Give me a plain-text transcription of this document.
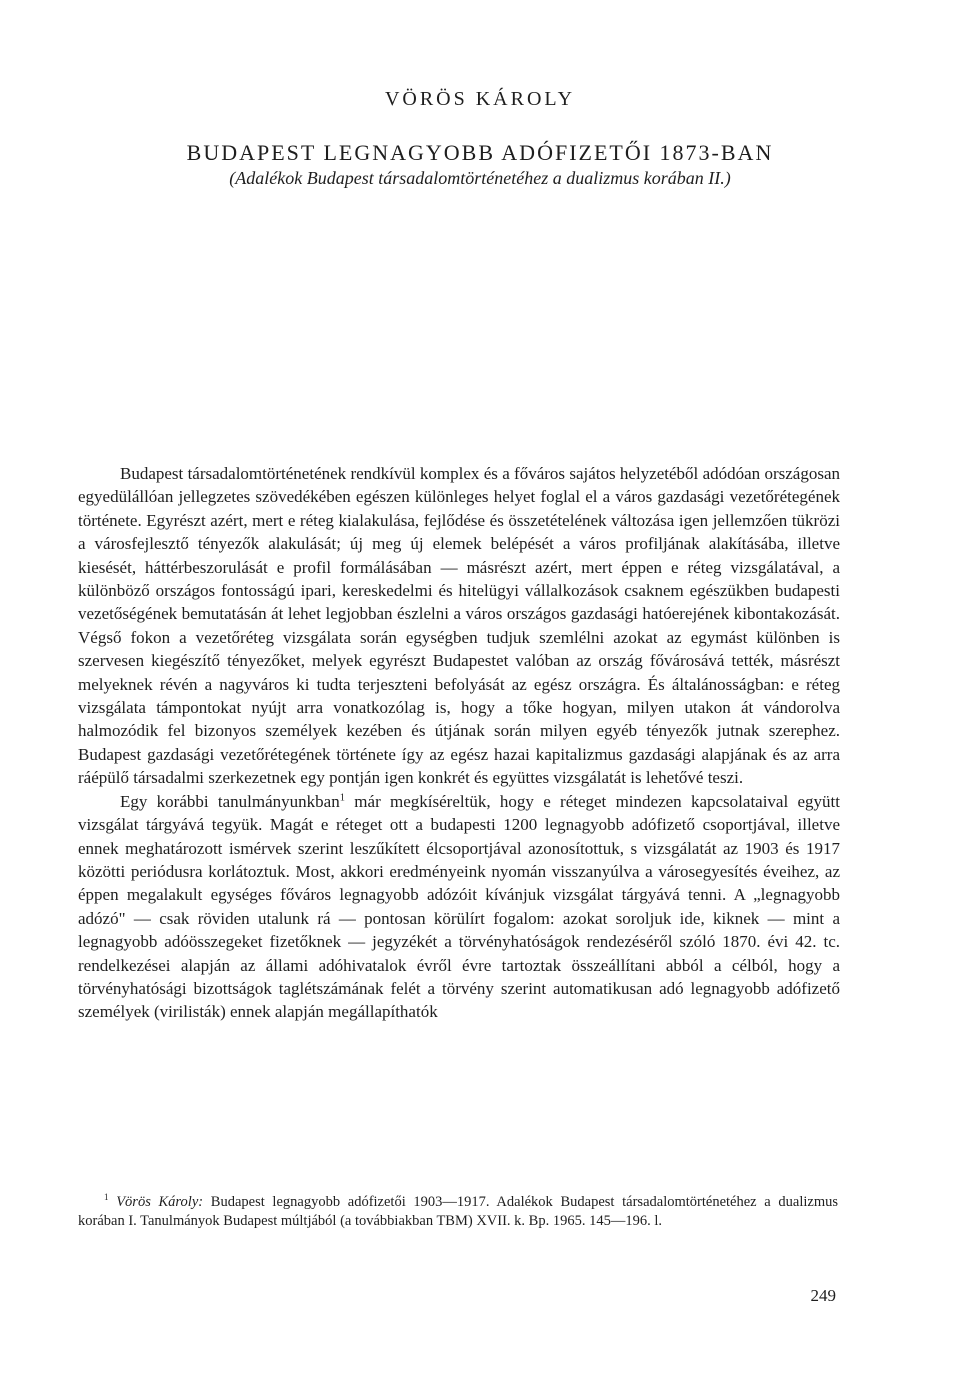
VÖRÖS KÁROLY
BUDAPEST LEGNAGYOBB ADÓFIZETŐI 1873-BAN
(Adalékok Budapest társadalomtörténetéhez a dualizmus korában II.)

Budapest társadalomtörténetének rendkívül komplex és a főváros sajátos helyzetéből adódóan országosan egyedülállóan jellegzetes szövedékében egészen különleges helyet foglal el a város gazdasági vezetőrétegének története. Egyrészt azért, mert e réteg kialakulása, fejlődése és összetételének változása igen jellemzően tükrözi a városfejlesztő tényezők alakulását; új meg új elemek belépését a város profiljának alakításába, illetve kiesését, háttérbeszorulását e profil formálásában — másrészt azért, mert éppen e réteg vizsgálatával, a különböző országos fontosságú ipari, kereskedelmi és hitelügyi vállalkozások csaknem egészükben budapesti vezetőségének bemutatásán át lehet legjobban észlelni a város országos gazdasági hatóerejének kibontakozását. Végső fokon a vezetőréteg vizsgálata során egységben tudjuk szemlélni azokat az egymást különben is szervesen kiegészítő tényezőket, melyek egyrészt Budapestet valóban az ország fővárosává tették, másrészt melyeknek révén a nagyváros ki tudta terjeszteni befolyását az egész országra. És általánosságban: e réteg vizsgálata támpontokat nyújt arra vonatkozólag is, hogy a tőke hogyan, milyen utakon át vándorolva halmozódik fel bizonyos személyek kezében és útjának során milyen egyéb tényezők jutnak szerephez. Budapest gazdasági vezetőrétegének története így az egész hazai kapitalizmus gazdasági alapjának és az arra ráépülő társadalmi szerkezetnek egy pontján igen konkrét és együttes vizsgálatát is lehetővé teszi.

Egy korábbi tanulmányunkban$^1$ már megkíséreltük, hogy e réteget mindezen kapcsolataival együtt vizsgálat tárgyává tegyük. Magát e réteget ott a budapesti 1200 legnagyobb adófizető csoportjával, illetve ennek meghatározott ismérvek szerint leszűkített élcsoportjával azonosítottuk, s vizsgálatát az 1903 és 1917 közötti periódusra korlátoztuk. Most, akkori eredményeink nyomán visszanyúlva a városegyesítés éveihez, az éppen megalakult egységes főváros legnagyobb adózóit kívánjuk vizsgálat tárgyává tenni. A „legnagyobb adózó" — csak röviden utalunk rá — pontosan körülírt fogalom: azokat soroljuk ide, kiknek — mint a legnagyobb adóösszegeket fizetőknek — jegyzékét a törvényhatóságok rendezéséről szóló 1870. évi 42. tc. rendelkezései alapján az állami adóhivatalok évről évre tartoztak összeállítani abból a célból, hogy a törvényhatósági bizottságok taglétszámának felét a törvény szerint automatikusan adó legnagyobb adófizető személyek (virilisták) ennek alapján megállapíthatók

$^1$ Vörös Károly: Budapest legnagyobb adófizetői 1903—1917. Adalékok Budapest társadalomtörténetéhez a dualizmus korában I. Tanulmányok Budapest múltjából (a továbbiakban TBM) XVII. k. Bp. 1965. 145—196. l.
249
